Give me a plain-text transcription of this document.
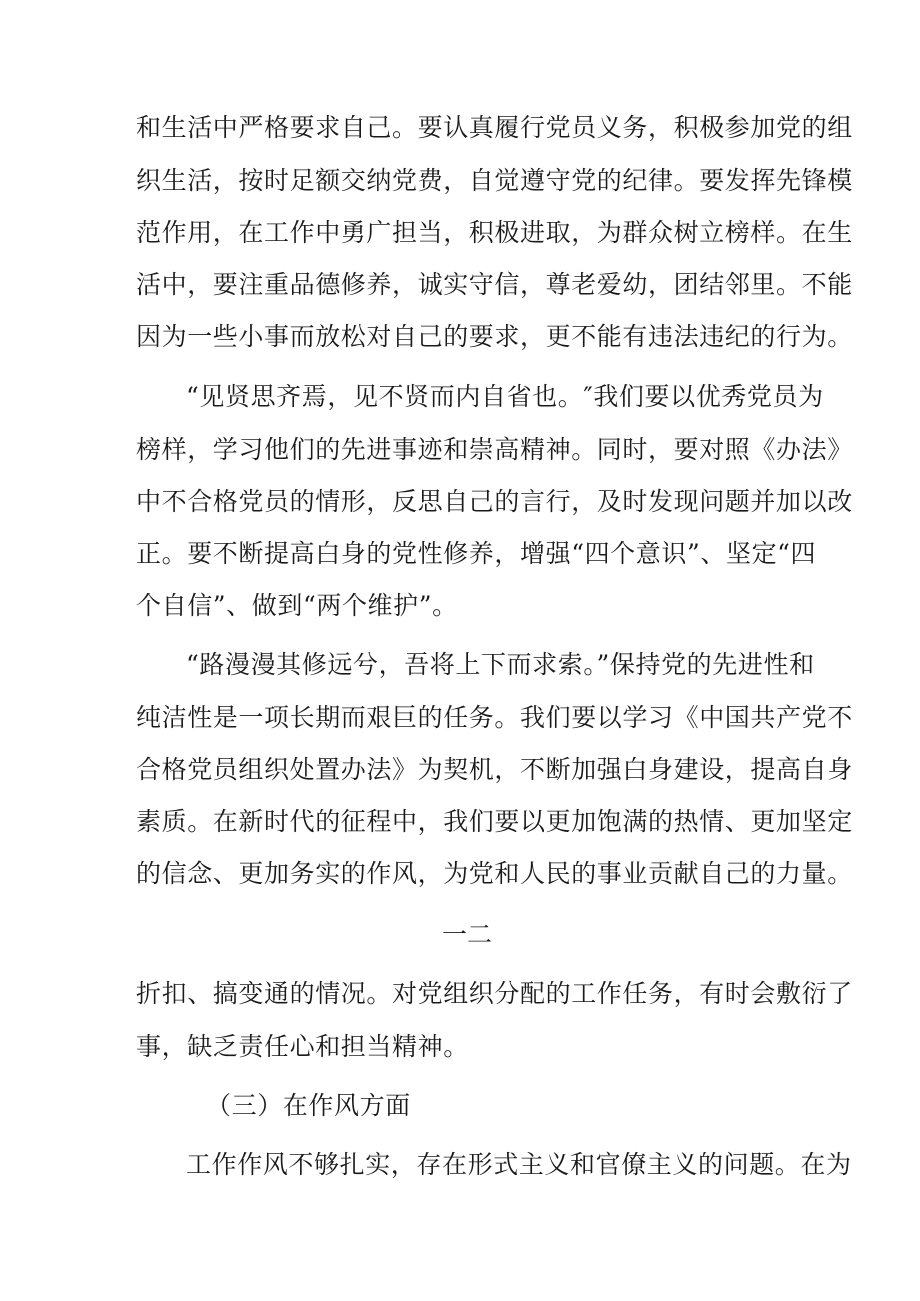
和生活中严格要求自己。要认真履行党员义务，积极参加党的组
织生活，按时足额交纳党费，自觉遵守党的纪律。要发挥先锋模
范作用，在工作中勇广担当，积极进取，为群众树立榜样。在生
活中，要注重品德修养，诚实守信，尊老爱幼，团结邻里。不能
因为一些小事而放松对自己的要求，更不能有违法违纪的行为。
“见贤思齐焉，见不贤而内自省也。″我们要以优秀党员为
榜样，学习他们的先进事迹和崇高精神。同时，要对照《办法》
中不合格党员的情形，反思自己的言行，及时发现问题并加以改
正。要不断提高白身的党性修养，增强“四个意识”、坚定“四
个自信”、做到“两个维护”。
“路漫漫其修远兮，吾将上下而求索。”保持党的先进性和
纯洁性是一项长期而艰巨的任务。我们要以学习《中国共产党不
合格党员组织处置办法》为契机，不断加强白身建设，提高自身
素质。在新时代的征程中，我们要以更加饱满的热情、更加坚定
的信念、更加务实的作风，为党和人民的事业贡献自己的力量。
一二
折扣、搞变通的情况。对党组织分配的工作任务，有时会敷衍了
事，缺乏责任心和担当精神。
（三）在作风方面
工作作风不够扎实，存在形式主义和官僚主义的问题。在为
